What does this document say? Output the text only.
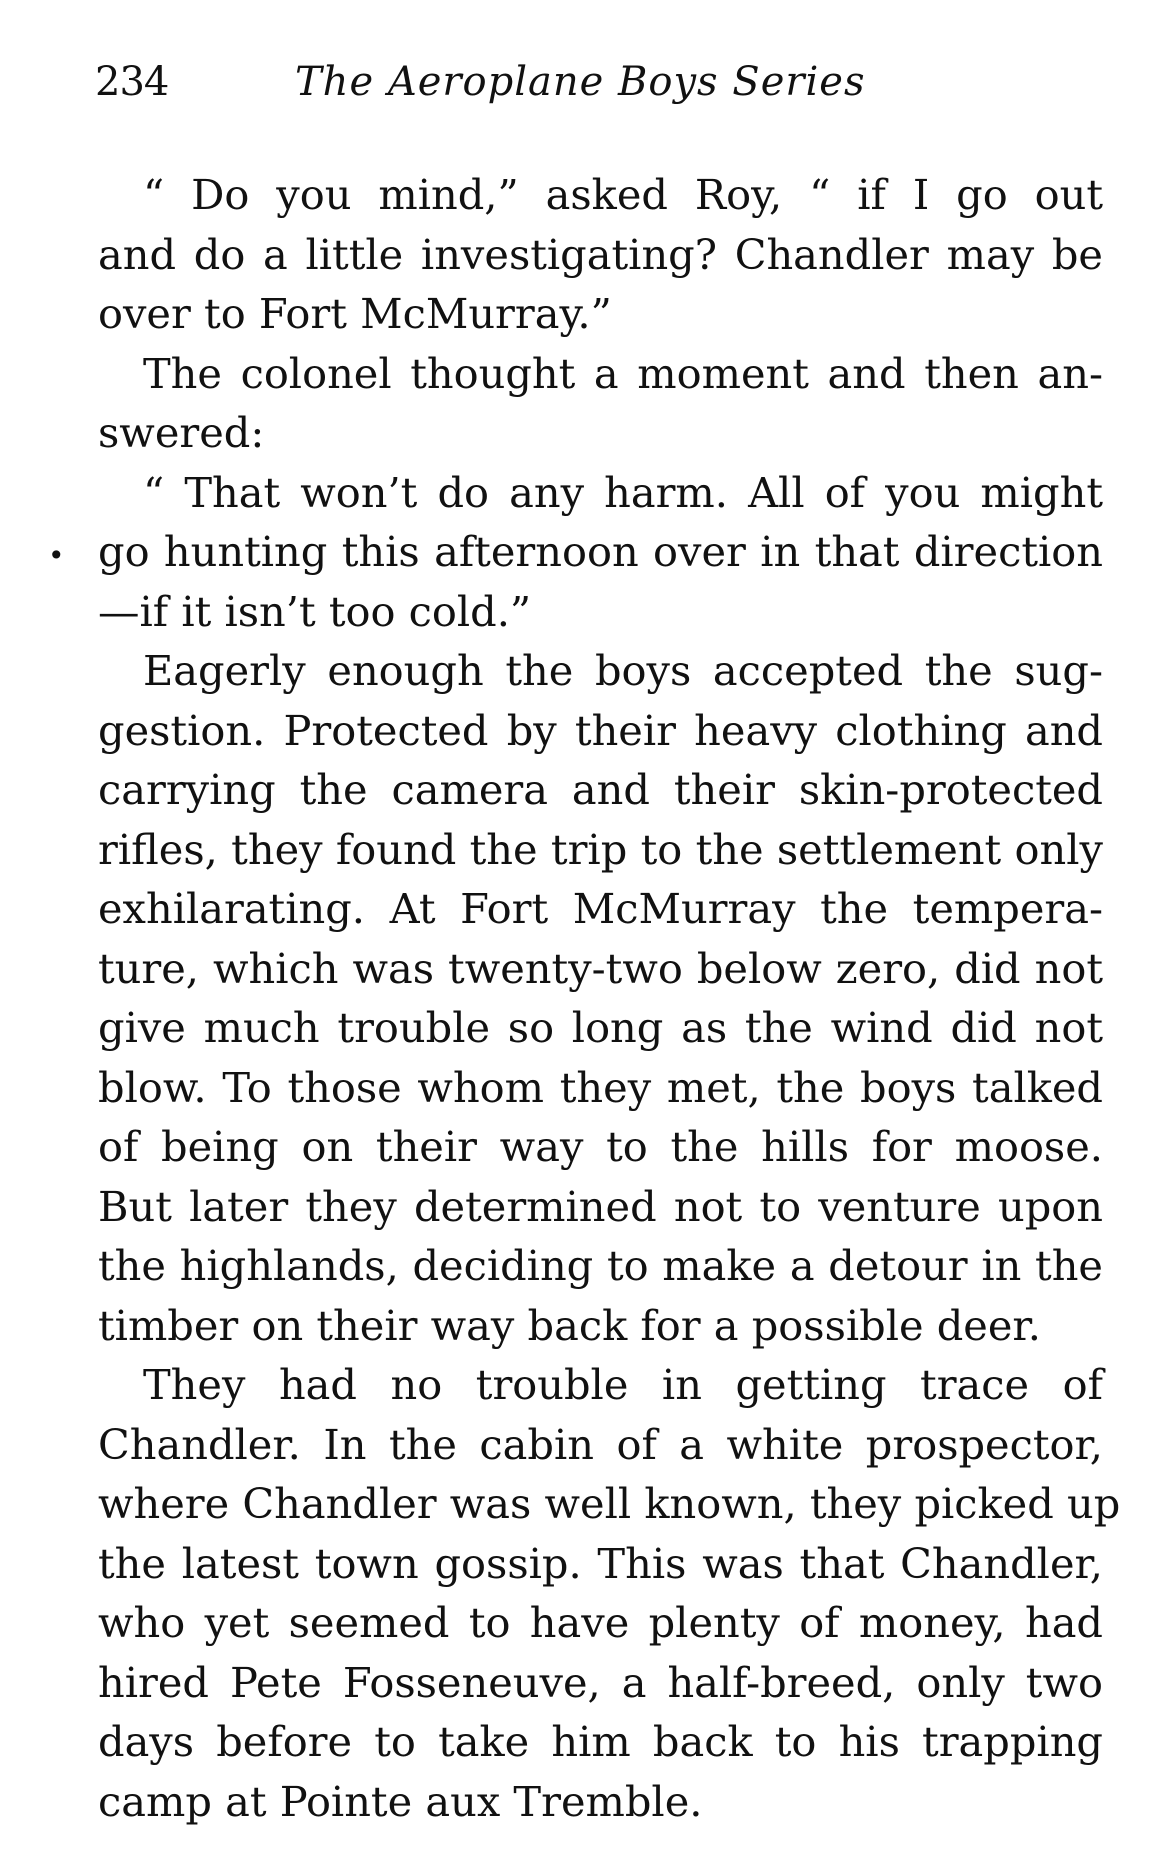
234	The Aeroplane Boys Series
•
“ Do you mind,” asked Roy, “ if I go out
and do a little investigating? Chandler may be
over to Fort McMurray.”
The colonel thought a moment and then an-
swered:
“ That won’t do any harm. All of you might
go hunting this afternoon over in that direction
—if it isn’t too cold.”
Eagerly enough the boys accepted the sug-
gestion. Protected by their heavy clothing and
carrying the camera and their skin-protected
rifles, they found the trip to the settlement only
exhilarating. At Fort McMurray the tempera-
ture, which was twenty-two below zero, did not
give much trouble so long as the wind did not
blow. To those whom they met, the boys talked
of being on their way to the hills for moose.
But later they determined not to venture upon
the highlands, deciding to make a detour in the
timber on their way back for a possible deer.
They had no trouble in getting trace of
Chandler. In the cabin of a white prospector,
where Chandler was well known, they picked up
the latest town gossip. This was that Chandler,
who yet seemed to have plenty of money, had
hired Pete Fosseneuve, a half-breed, only two
days before to take him back to his trapping
camp at Pointe aux Tremble.
